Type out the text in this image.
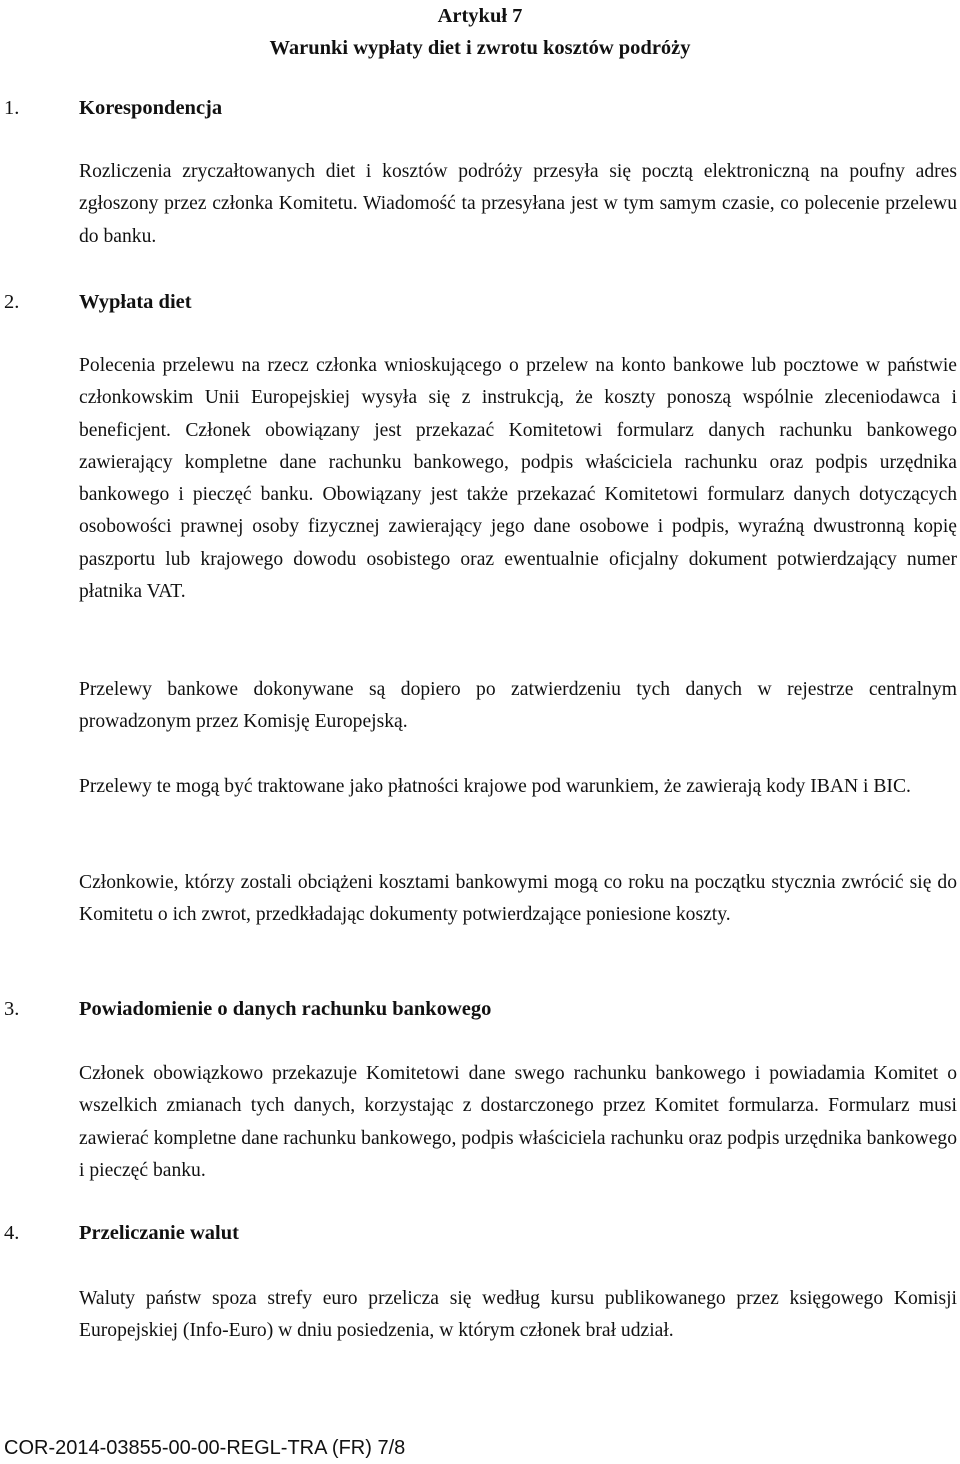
Artykuł 7
Warunki wypłaty diet i zwrotu kosztów podróży
1.	Korespondencja
Rozliczenia zryczałtowanych diet i kosztów podróży przesyła się pocztą elektroniczną na poufny adres zgłoszony przez członka Komitetu. Wiadomość ta przesyłana jest w tym samym czasie, co polecenie przelewu do banku.
2.	Wypłata diet
Polecenia przelewu na rzecz członka wnioskującego o przelew na konto bankowe lub pocztowe w państwie członkowskim Unii Europejskiej wysyła się z instrukcją, że koszty ponoszą wspólnie zleceniodawca i beneficjent. Członek obowiązany jest przekazać Komitetowi formularz danych rachunku bankowego zawierający kompletne dane rachunku bankowego, podpis właściciela rachunku oraz podpis urzędnika bankowego i pieczęć banku. Obowiązany jest także przekazać Komitetowi formularz danych dotyczących osobowości prawnej osoby fizycznej zawierający jego dane osobowe i podpis, wyraźną dwustronną kopię paszportu lub krajowego dowodu osobistego oraz ewentualnie oficjalny dokument potwierdzający numer płatnika VAT.
Przelewy bankowe dokonywane są dopiero po zatwierdzeniu tych danych w rejestrze centralnym prowadzonym przez Komisję Europejską.
Przelewy te mogą być traktowane jako płatności krajowe pod warunkiem, że zawierają kody IBAN i BIC.
Członkowie, którzy zostali obciążeni kosztami bankowymi mogą co roku na początku stycznia zwrócić się do Komitetu o ich zwrot, przedkładając dokumenty potwierdzające poniesione koszty.
3.	Powiadomienie o danych rachunku bankowego
Członek obowiązkowo przekazuje Komitetowi dane swego rachunku bankowego i powiadamia Komitet o wszelkich zmianach tych danych, korzystając z dostarczonego przez Komitet formularza. Formularz musi zawierać kompletne dane rachunku bankowego, podpis właściciela rachunku oraz podpis urzędnika bankowego i pieczęć banku.
4.	Przeliczanie walut
Waluty państw spoza strefy euro przelicza się według kursu publikowanego przez księgowego Komisji Europejskiej (Info-Euro) w dniu posiedzenia, w którym członek brał udział.
COR-2014-03855-00-00-REGL-TRA (FR) 7/8
